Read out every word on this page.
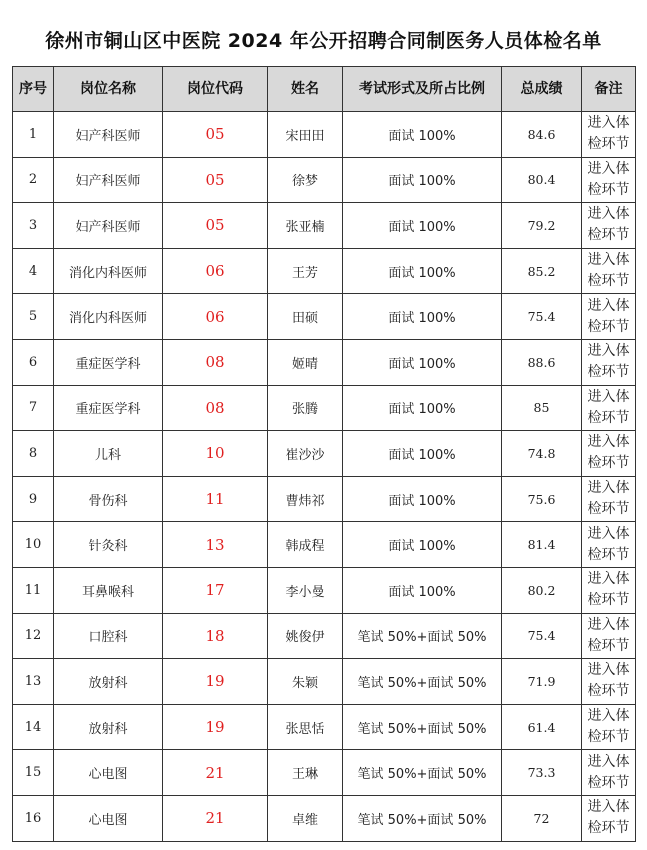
徐州市铜山区中医院 2024 年公开招聘合同制医务人员体检名单
序号	岗位名称	岗位代码	姓名	考试形式及所占比例	总成绩	备注
1	妇产科医师	05	宋田田	面试 100%	84.6	进入体检环节
2	妇产科医师	05	徐梦	面试 100%	80.4	进入体检环节
3	妇产科医师	05	张亚楠	面试 100%	79.2	进入体检环节
4	消化内科医师	06	王芳	面试 100%	85.2	进入体检环节
5	消化内科医师	06	田硕	面试 100%	75.4	进入体检环节
6	重症医学科	08	姬晴	面试 100%	88.6	进入体检环节
7	重症医学科	08	张腾	面试 100%	85	进入体检环节
8	儿科	10	崔沙沙	面试 100%	74.8	进入体检环节
9	骨伤科	11	曹炜祁	面试 100%	75.6	进入体检环节
10	针灸科	13	韩成程	面试 100%	81.4	进入体检环节
11	耳鼻喉科	17	李小曼	面试 100%	80.2	进入体检环节
12	口腔科	18	姚俊伊	笔试 50%+面试 50%	75.4	进入体检环节
13	放射科	19	朱颖	笔试 50%+面试 50%	71.9	进入体检环节
14	放射科	19	张思恬	笔试 50%+面试 50%	61.4	进入体检环节
15	心电图	21	王琳	笔试 50%+面试 50%	73.3	进入体检环节
16	心电图	21	卓维	笔试 50%+面试 50%	72	进入体检环节
